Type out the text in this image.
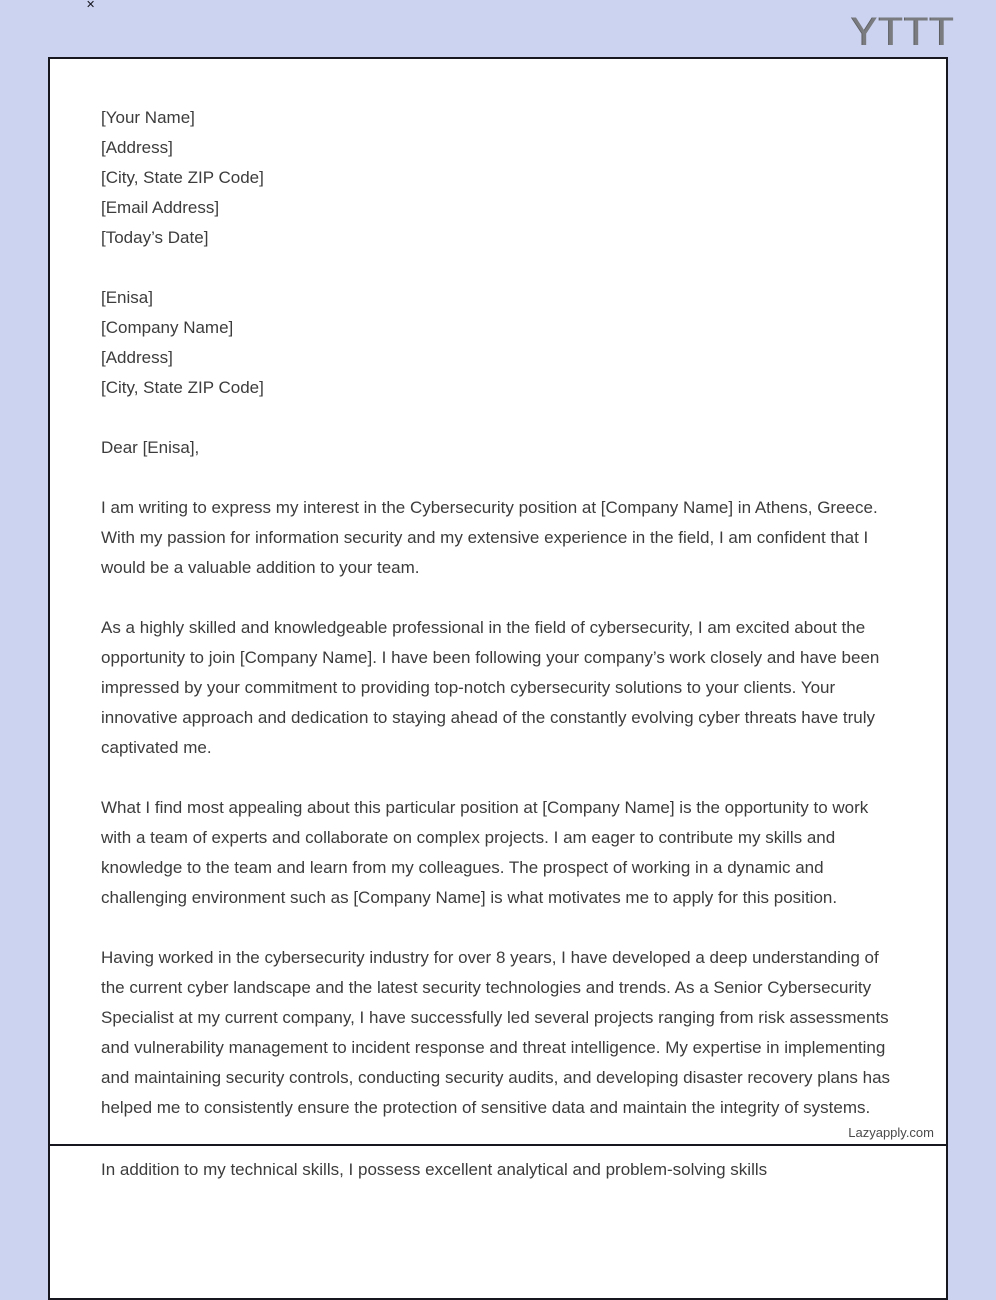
✕
YTTT
[Your Name]
[Address]
[City, State ZIP Code]
[Email Address]
[Today’s Date]
[Enisa]
[Company Name]
[Address]
[City, State ZIP Code]
Dear [Enisa],

I am writing to express my interest in the Cybersecurity position at [Company Name] in Athens, Greece. With my passion for information security and my extensive experience in the field, I am confident that I would be a valuable addition to your team.

As a highly skilled and knowledgeable professional in the field of cybersecurity, I am excited about the opportunity to join [Company Name]. I have been following your company’s work closely and have been impressed by your commitment to providing top-notch cybersecurity solutions to your clients. Your innovative approach and dedication to staying ahead of the constantly evolving cyber threats have truly captivated me.

What I find most appealing about this particular position at [Company Name] is the opportunity to work with a team of experts and collaborate on complex projects. I am eager to contribute my skills and knowledge to the team and learn from my colleagues. The prospect of working in a dynamic and challenging environment such as [Company Name] is what motivates me to apply for this position.

Having worked in the cybersecurity industry for over 8 years, I have developed a deep understanding of the current cyber landscape and the latest security technologies and trends. As a Senior Cybersecurity Specialist at my current company, I have successfully led several projects ranging from risk assessments and vulnerability management to incident response and threat intelligence. My expertise in implementing and maintaining security controls, conducting security audits, and developing disaster recovery plans has helped me to consistently ensure the protection of sensitive data and maintain the integrity of systems.

Lazyapply.com

In addition to my technical skills, I possess excellent analytical and problem-solving skills
